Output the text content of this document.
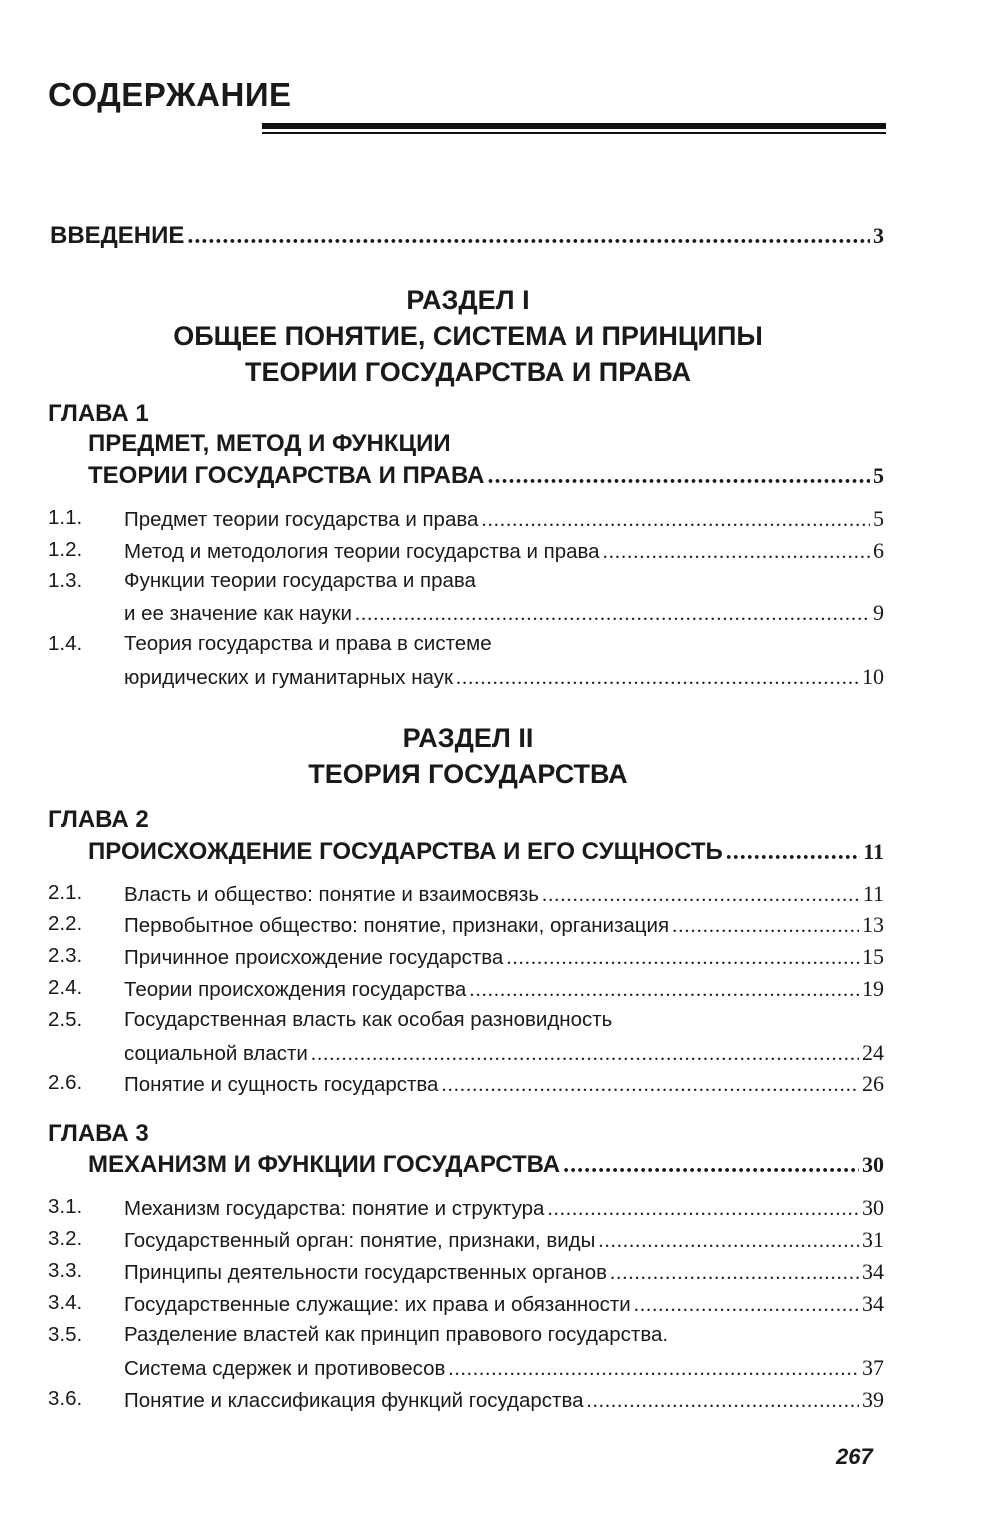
СОДЕРЖАНИЕ
ВВЕДЕНИЕ .....	3
РАЗДЕЛ I
ОБЩЕЕ ПОНЯТИЕ, СИСТЕМА И ПРИНЦИПЫ
ТЕОРИИ ГОСУДАРСТВА И ПРАВА
ГЛАВА 1
ПРЕДМЕТ, МЕТОД И ФУНКЦИИ
ТЕОРИИ ГОСУДАРСТВА И ПРАВА .....	5
1.1. Предмет теории государства и права .....	5
1.2. Метод и методология теории государства и права .....	6
1.3. Функции теории государства и права
и ее значение как науки .....	9
1.4. Теория государства и права в системе
юридических и гуманитарных наук .....	10
РАЗДЕЛ II
ТЕОРИЯ ГОСУДАРСТВА
ГЛАВА 2
ПРОИСХОЖДЕНИЕ ГОСУДАРСТВА И ЕГО СУЩНОСТЬ .....	11
2.1. Власть и общество: понятие и взаимосвязь .....	11
2.2. Первобытное общество: понятие, признаки, организация .....	13
2.3. Причинное происхождение государства .....	15
2.4. Теории происхождения государства .....	19
2.5. Государственная власть как особая разновидность
социальной власти .....	24
2.6. Понятие и сущность государства .....	26
ГЛАВА 3
МЕХАНИЗМ И ФУНКЦИИ ГОСУДАРСТВА .....	30
3.1. Механизм государства: понятие и структура .....	30
3.2. Государственный орган: понятие, признаки, виды .....	31
3.3. Принципы деятельности государственных органов .....	34
3.4. Государственные служащие: их права и обязанности .....	34
3.5. Разделение властей как принцип правового государства.
Система сдержек и противовесов .....	37
3.6. Понятие и классификация функций государства .....	39
267
